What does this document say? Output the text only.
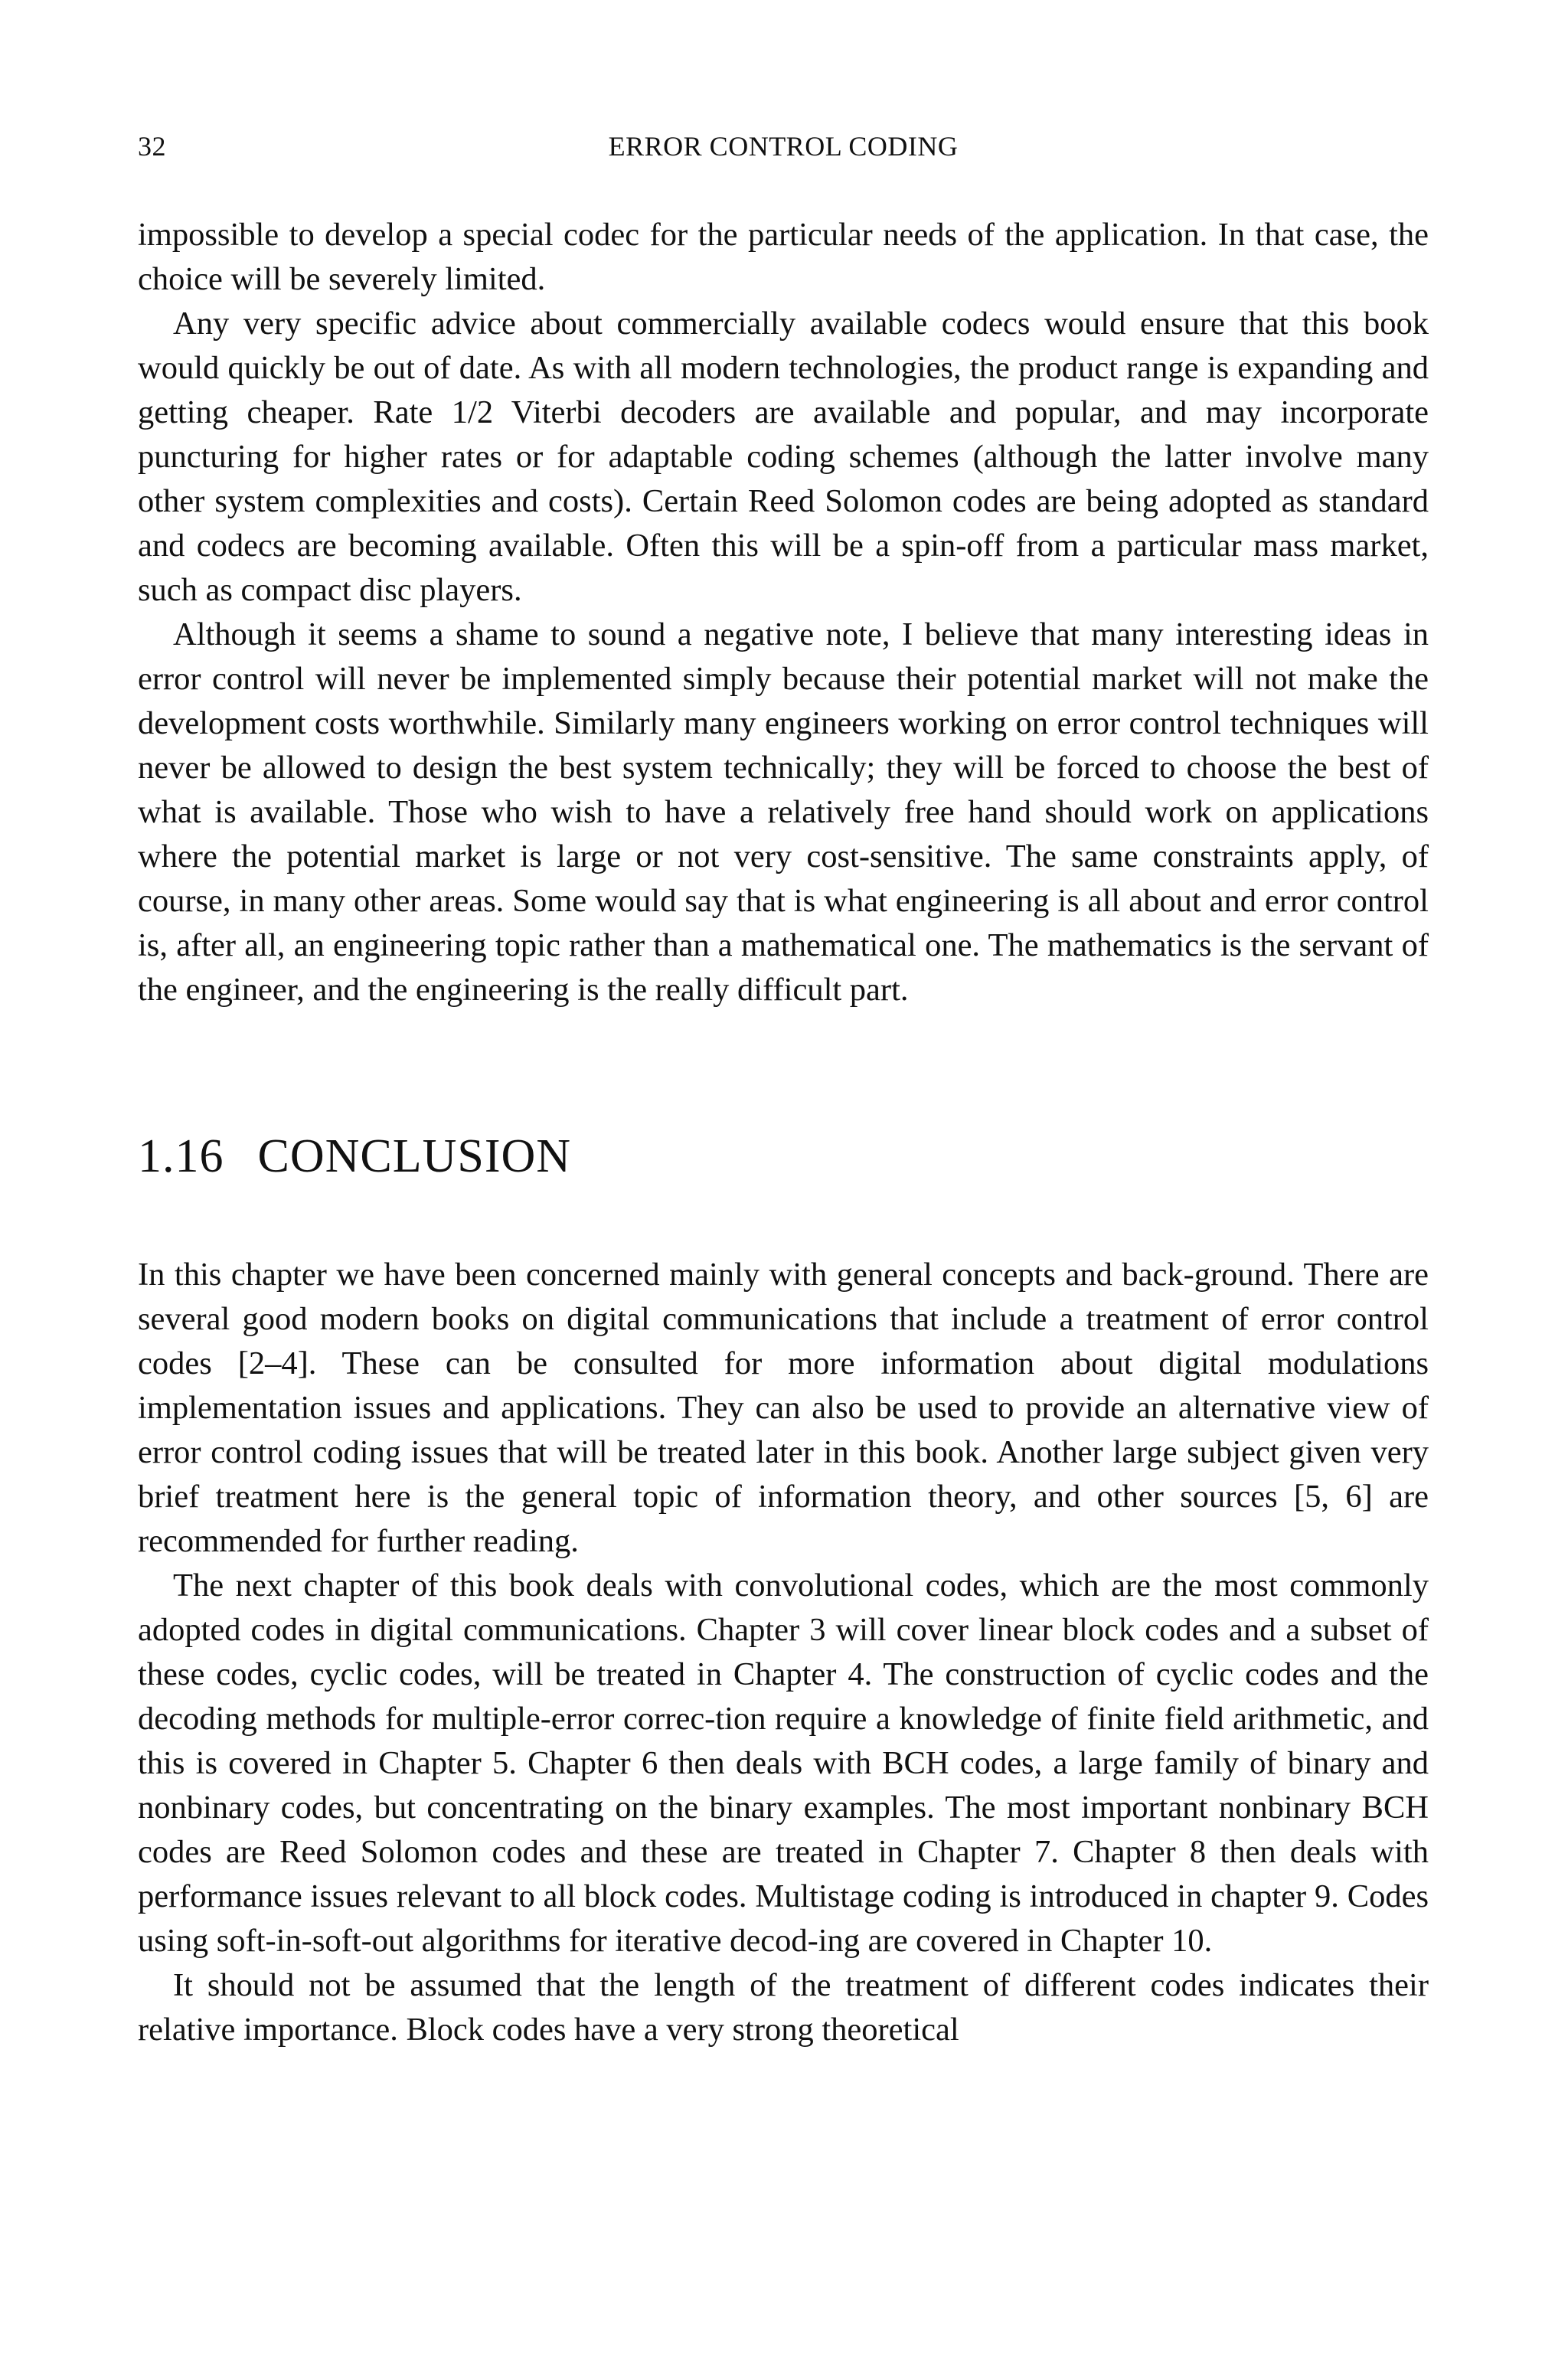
32	ERROR CONTROL CODING

impossible to develop a special codec for the particular needs of the application. In that case, the choice will be severely limited.

Any very specific advice about commercially available codecs would ensure that this book would quickly be out of date. As with all modern technologies, the product range is expanding and getting cheaper. Rate 1/2 Viterbi decoders are available and popular, and may incorporate puncturing for higher rates or for adaptable coding schemes (although the latter involve many other system complexities and costs). Certain Reed Solomon codes are being adopted as standard and codecs are becoming available. Often this will be a spin-off from a particular mass market, such as compact disc players.

Although it seems a shame to sound a negative note, I believe that many interesting ideas in error control will never be implemented simply because their potential market will not make the development costs worthwhile. Similarly many engineers working on error control techniques will never be allowed to design the best system technically; they will be forced to choose the best of what is available. Those who wish to have a relatively free hand should work on applications where the potential market is large or not very cost-sensitive. The same constraints apply, of course, in many other areas. Some would say that is what engineering is all about and error control is, after all, an engineering topic rather than a mathematical one. The mathematics is the servant of the engineer, and the engineering is the really difficult part.

1.16 CONCLUSION

In this chapter we have been concerned mainly with general concepts and back-ground. There are several good modern books on digital communications that include a treatment of error control codes [2–4]. These can be consulted for more information about digital modulations implementation issues and applications. They can also be used to provide an alternative view of error control coding issues that will be treated later in this book. Another large subject given very brief treatment here is the general topic of information theory, and other sources [5, 6] are recommended for further reading.

The next chapter of this book deals with convolutional codes, which are the most commonly adopted codes in digital communications. Chapter 3 will cover linear block codes and a subset of these codes, cyclic codes, will be treated in Chapter 4. The construction of cyclic codes and the decoding methods for multiple-error correc-tion require a knowledge of finite field arithmetic, and this is covered in Chapter 5. Chapter 6 then deals with BCH codes, a large family of binary and nonbinary codes, but concentrating on the binary examples. The most important nonbinary BCH codes are Reed Solomon codes and these are treated in Chapter 7. Chapter 8 then deals with performance issues relevant to all block codes. Multistage coding is introduced in chapter 9. Codes using soft-in-soft-out algorithms for iterative decod-ing are covered in Chapter 10.

It should not be assumed that the length of the treatment of different codes indicates their relative importance. Block codes have a very strong theoretical
